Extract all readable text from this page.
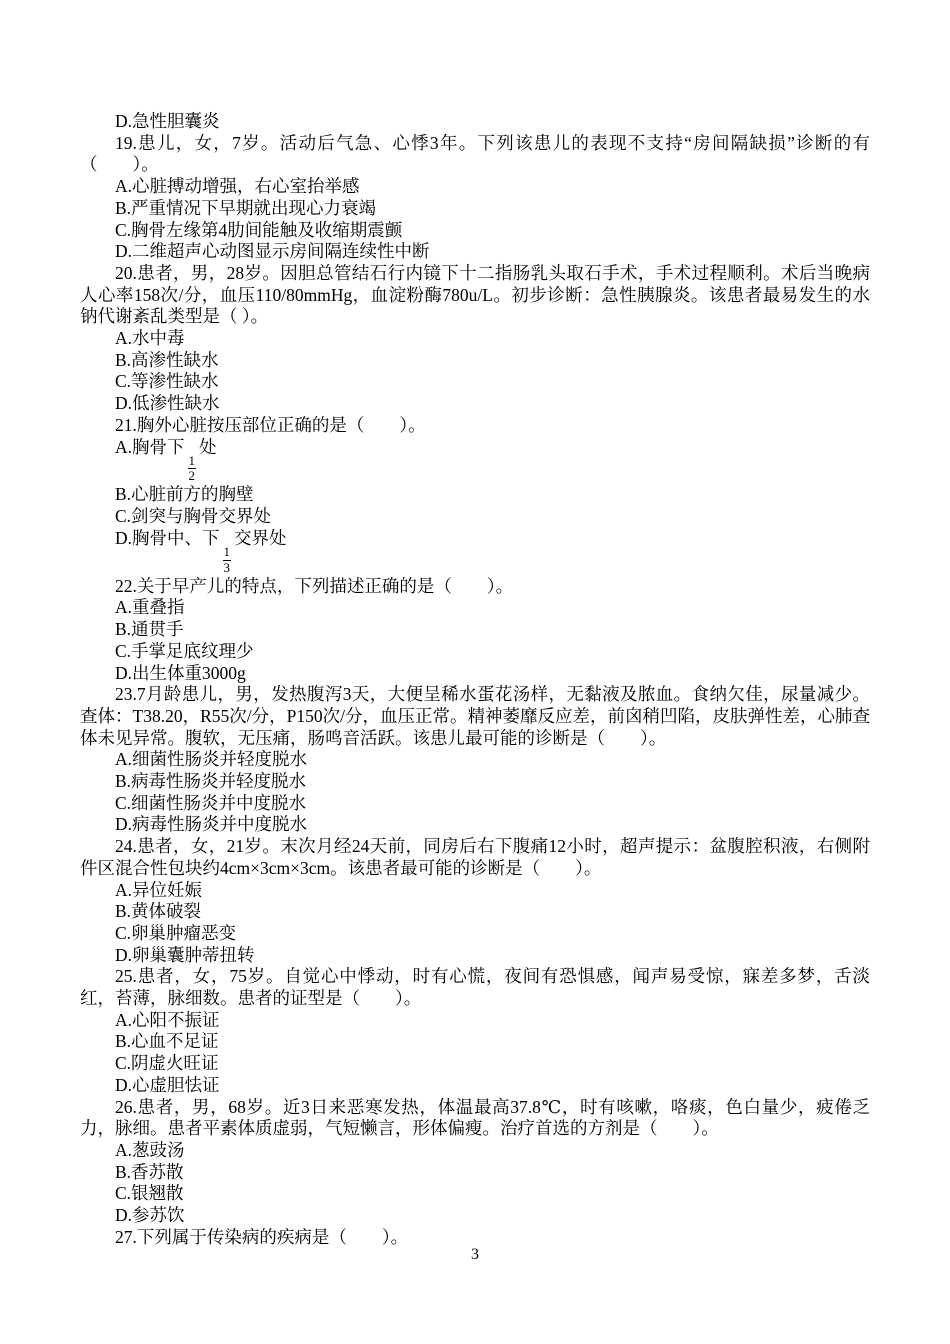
D.急性胆囊炎

19.患儿，女，7岁。活动后气急、心悸3年。下列该患儿的表现不支持“房间隔缺损”诊断的有（　　）。

A.心脏搏动增强，右心室抬举感

B.严重情况下早期就出现心力衰竭

C.胸骨左缘第4肋间能触及收缩期震颤

D.二维超声心动图显示房间隔连续性中断

20.患者，男，28岁。因胆总管结石行内镜下十二指肠乳头取石手术，手术过程顺利。术后当晚病人心率158次/分，血压110/80mmHg，血淀粉酶780u/L。初步诊断：急性胰腺炎。该患者最易发生的水钠代谢紊乱类型是（ ）。

A.水中毒

B.高渗性缺水

C.等渗性缺水

D.低渗性缺水

21.胸外心脏按压部位正确的是（　　）。

A.胸骨下
$\frac{1}{2}$
处

B.心脏前方的胸壁

C.剑突与胸骨交界处

D.胸骨中、下
$\frac{1}{3}$
交界处

22.关于早产儿的特点，下列描述正确的是（　　）。

A.重叠指

B.通贯手

C.手掌足底纹理少

D.出生体重3000g

23.7月龄患儿，男，发热腹泻3天，大便呈稀水蛋花汤样，无黏液及脓血。食纳欠佳，尿量减少。查体：T38.20，R55次/分，P150次/分，血压正常。精神萎靡反应差，前囟稍凹陷，皮肤弹性差，心肺查体未见异常。腹软，无压痛，肠鸣音活跃。该患儿最可能的诊断是（　　）。

A.细菌性肠炎并轻度脱水

B.病毒性肠炎并轻度脱水

C.细菌性肠炎并中度脱水

D.病毒性肠炎并中度脱水

24.患者，女，21岁。末次月经24天前，同房后右下腹痛12小时，超声提示：盆腹腔积液，右侧附件区混合性包块约4cm×3cm×3cm。该患者最可能的诊断是（　　）。

A.异位妊娠

B.黄体破裂

C.卵巢肿瘤恶变

D.卵巢囊肿蒂扭转

25.患者，女，75岁。自觉心中悸动，时有心慌，夜间有恐惧感，闻声易受惊，寐差多梦，舌淡红，苔薄，脉细数。患者的证型是（　　）。

A.心阳不振证

B.心血不足证

C.阴虚火旺证

D.心虚胆怯证

26.患者，男，68岁。近3日来恶寒发热，体温最高37.8℃，时有咳嗽，咯痰，色白量少，疲倦乏力，脉细。患者平素体质虚弱，气短懒言，形体偏瘦。治疗首选的方剂是（　　）。

A.葱豉汤

B.香苏散

C.银翘散

D.参苏饮

27.下列属于传染病的疾病是（　　）。

3
